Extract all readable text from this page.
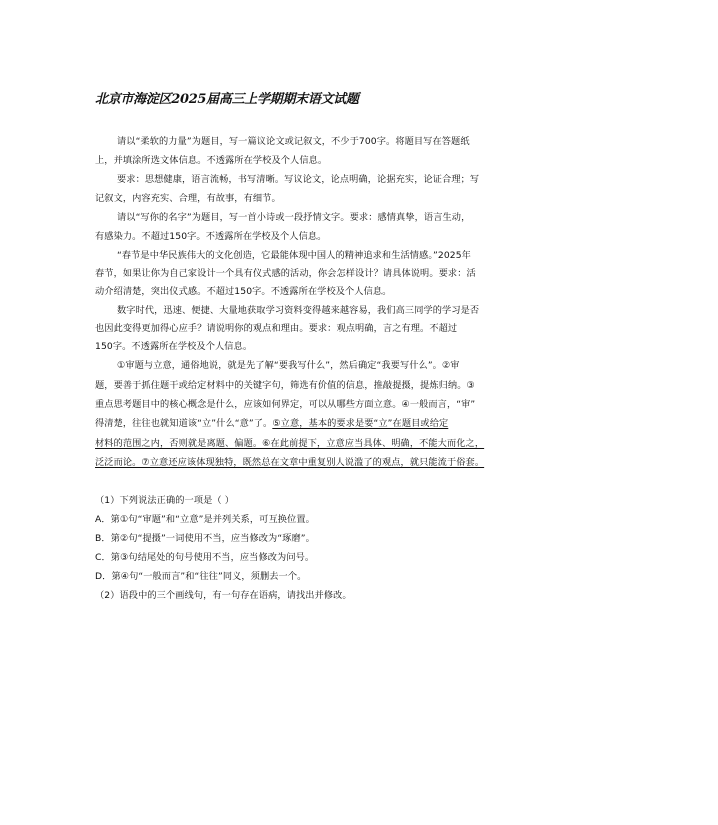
北京市海淀区2025届高三上学期期末语文试题
请以“柔软的力量”为题目，写一篇议论文或记叙文，不少于700字。将题目写在答题纸
上，并填涂所选文体信息。不透露所在学校及个人信息。
要求：思想健康，语言流畅，书写清晰。写议论文，论点明确，论据充实，论证合理；写
记叙文，内容充实、合理，有故事，有细节。
请以“写你的名字”为题目，写一首小诗或一段抒情文字。要求：感情真挚，语言生动，
有感染力。不超过150字。不透露所在学校及个人信息。
“春节是中华民族伟大的文化创造，它最能体现中国人的精神追求和生活情感。”2025年
春节，如果让你为自己家设计一个具有仪式感的活动，你会怎样设计？请具体说明。要求：活
动介绍清楚，突出仪式感。不超过150字。不透露所在学校及个人信息。
数字时代，迅速、便捷、大量地获取学习资料变得越来越容易，我们高三同学的学习是否
也因此变得更加得心应手？请说明你的观点和理由。要求：观点明确，言之有理。不超过
150字。不透露所在学校及个人信息。
①审题与立意，通俗地说，就是先了解“要我写什么”，然后确定“我要写什么”。②审
题，要善于抓住题干或给定材料中的关键字句，筛选有价值的信息，推敲提摄，提炼归纳。③
重点思考题目中的核心概念是什么，应该如何界定，可以从哪些方面立意。④一般而言，“审”
得清楚，往往也就知道该“立”什么“意”了。⑤立意，基本的要求是要“立”在题目或给定
材料的范围之内，否则就是离题、偏题。⑥在此前提下，立意应当具体、明确，不能大而化之，
泛泛而论。⑦立意还应该体现独特，既然总在文章中重复别人说滥了的观点，就只能流于俗套。
（1）下列说法正确的一项是（ ）
A．第①句“审题”和“立意”是并列关系，可互换位置。
B．第②句“提摄”一词使用不当，应当修改为“琢磨”。
C．第③句结尾处的句号使用不当，应当修改为问号。
D．第④句“一般而言”和“往往”同义，须删去一个。
（2）语段中的三个画线句，有一句存在语病，请找出并修改。
